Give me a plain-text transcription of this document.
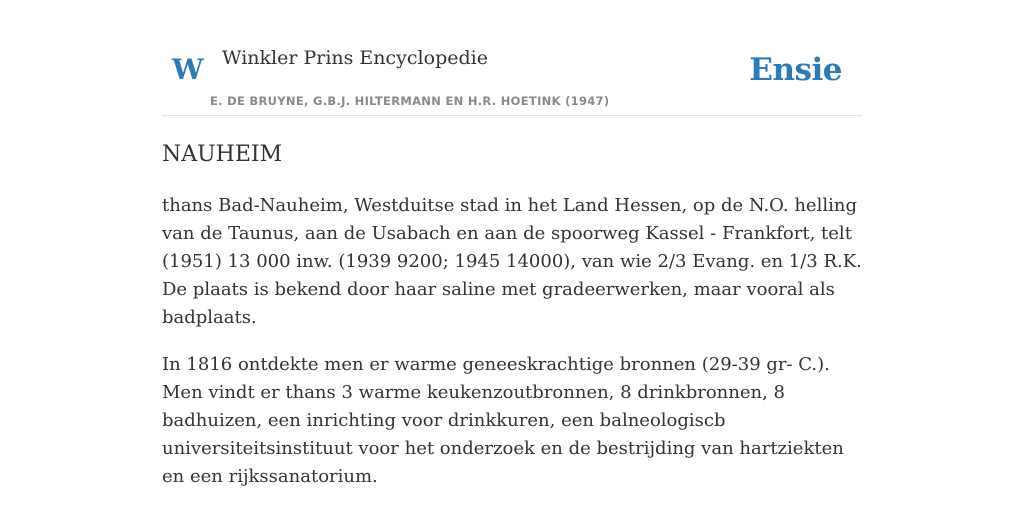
W Winkler Prins Encyclopedie	Ensie
E. DE BRUYNE, G.B.J. HILTERMANN EN H.R. HOETINK (1947)
NAUHEIM

thans Bad-Nauheim, Westduitse stad in het Land Hessen, op de N.O. helling van de Taunus, aan de Usabach en aan de spoorweg Kassel - Frankfort, telt (1951) 13 000 inw. (1939 9200; 1945 14000), van wie 2/3 Evang. en 1/3 R.K. De plaats is bekend door haar saline met gradeerwerken, maar vooral als badplaats.

In 1816 ontdekte men er warme geneeskrachtige bronnen (29-39 gr- C.). Men vindt er thans 3 warme keukenzoutbronnen, 8 drinkbronnen, 8 badhuizen, een inrichting voor drinkkuren, een balneologiscb universiteitsinstituut voor het onderzoek en de bestrijding van hartziekten en een rijkssanatorium.
